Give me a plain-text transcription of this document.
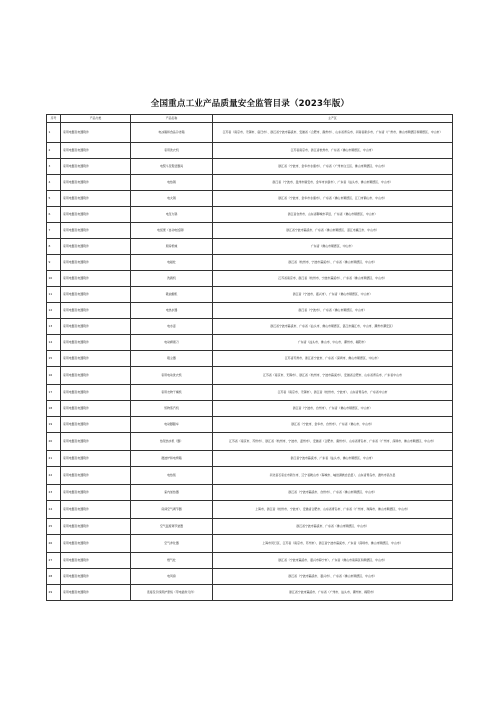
全国重点工业产品质量安全监管目录（2023年版）
序号	产品分类	产品名称	主产区
1	家用电器及电器附件	电冰箱和食品冷冻箱	江苏省（南京市、无锡市、宿迁市）、浙江省宁波市慈溪市、安徽省（合肥市、滁州市）、山东省青岛市、河南省新乡市、广东省（广州市、佛山市顺德区和顺德区、中山市）
2	家用电器及电器附件	家用洗衣机	江苏省南京市、浙江省杭州市、广东省（佛山市顺德区、中山市）
3	家用电器及电器附件	电熨斗及熨烫器具	浙江省（宁波市、金华市永康市）、广东省（广州市白云区、佛山市顺德区、中山市）
4	家用电器及电器附件	电热锅	浙江省（宁波市、温州市瑞安市、金华市永康市）、广东省（汕头市、佛山市顺德区、中山市）
5	家用电器及电器附件	电火锅	浙江省（宁波市、金华市永康市）、广东省（佛山市顺德区、江门市鹤山市、中山市）
6	家用电器及电器附件	电压力锅	浙江省台州市、山东省聊城市莘县、广东省（佛山市顺德区、中山市）
7	家用电器及电器附件	电饭煲（自动电饭锅）	浙江省宁波市慈溪市、广东省（佛山市顺德区、湛江市廉江市、中山市）
8	家用电器及电器附件	厨房机械	广东省（佛山市顺德区、中山市）
9	家用电器及电器附件	电磁灶	浙江省（杭州市、宁波市慈溪市）、广东省（佛山市顺德区、中山市）
10	家用电器及电器附件	洗碗机	江苏省南京市、浙江省（杭州市、宁波市慈溪市）、广东省（佛山市顺德区、中山市）
11	家用电器及电器附件	吸油烟机	浙江省（宁波市、嘉兴市）、广东省（佛山市顺德区、中山市）
12	家用电器及电器附件	电热水器	浙江省（宁波市）、广东省（佛山市顺德区、中山市）
13	家用电器及电器附件	电水壶	浙江省宁波市慈溪市、广东省（汕头市、佛山市顺德区、湛江市廉江市、中山市、潮州市潮安区）
14	家用电器及电器附件	电动剃须刀	广东省（汕头市、佛山市、中山市、潮州市、揭阳市）
15	家用电器及电器附件	吸尘器	江苏省苏州市、浙江省宁波市、广东省（深圳市、佛山市顺德区、中山市）
16	家用电器及电器附件	家用电动洗衣机	江苏省（南京市、无锡市）、浙江省（杭州市、宁波市慈溪市）、安徽省合肥市、山东省青岛市、广东省中山市
17	家用电器及电器附件	家用衣物干燥机	江苏省（南京市、无锡市）、浙江省（杭州市、宁波市）、山东省青岛市、广东省中山市
18	家用电器及电器附件	织物蒸汽机	浙江省（宁波市、台州市）、广东省（佛山市顺德区、中山市）
19	家用电器及电器附件	电动脚踏车	浙江省（宁波市、金华市、台州市）、广东省（佛山市、中山市）
20	家用电器及电器附件	热泵热水机（器）	江苏省（南京市、苏州市）、浙江省（杭州市、宁波市、温州市）、安徽省（合肥市、滁州市）、山东省青岛市、广东省（广州市、深圳市、佛山市顺德区、中山市）
21	家用电器及电器附件	微波炉和电烤箱	浙江省宁波市慈溪市、广东省（汕头市、佛山市顺德区、中山市）
22	家用电器及电器附件	电热毯	河北省石家庄市新乐市、辽宁省鞍山市（海城市、岫岩满族自治县）、山东省青岛市、潍坊市昌乐县
23	家用电器及电器附件	室内加热器	浙江省（宁波市慈溪市、台州市）、广东省（佛山市顺德区、中山市）
24	家用电器及电器附件	房间空气调节器	上海市、浙江省（杭州市、宁波市）、安徽省合肥市、山东省青岛市、广东省（广州市、珠海市、佛山市顺德区、中山市）
25	家用电器及电器附件	空气温度调节装置	浙江省宁波市慈溪市、广东省（佛山市顺德区、中山市）
26	家用电器及电器附件	空气净化器	上海市闵行区、江苏省（南京市、苏州市）、浙江省宁波市慈溪市、广东省（深圳市、佛山市顺德区、中山市）
27	家用电器及电器附件	燃气灶	浙江省（宁波市慈溪市、嘉兴市海宁市）、广东省（佛山市南海区和顺德区、中山市）
28	家用电器及电器附件	电风扇	浙江省（宁波市慈溪市、嘉兴市）、广东省（佛山市顺德区、中山市）
29	家用电器及电器附件	连接及引线用护套线（带电插件元件）	浙江省宁波市慈溪市、广东省（广州市、汕头市、潮州市、揭阳市）
